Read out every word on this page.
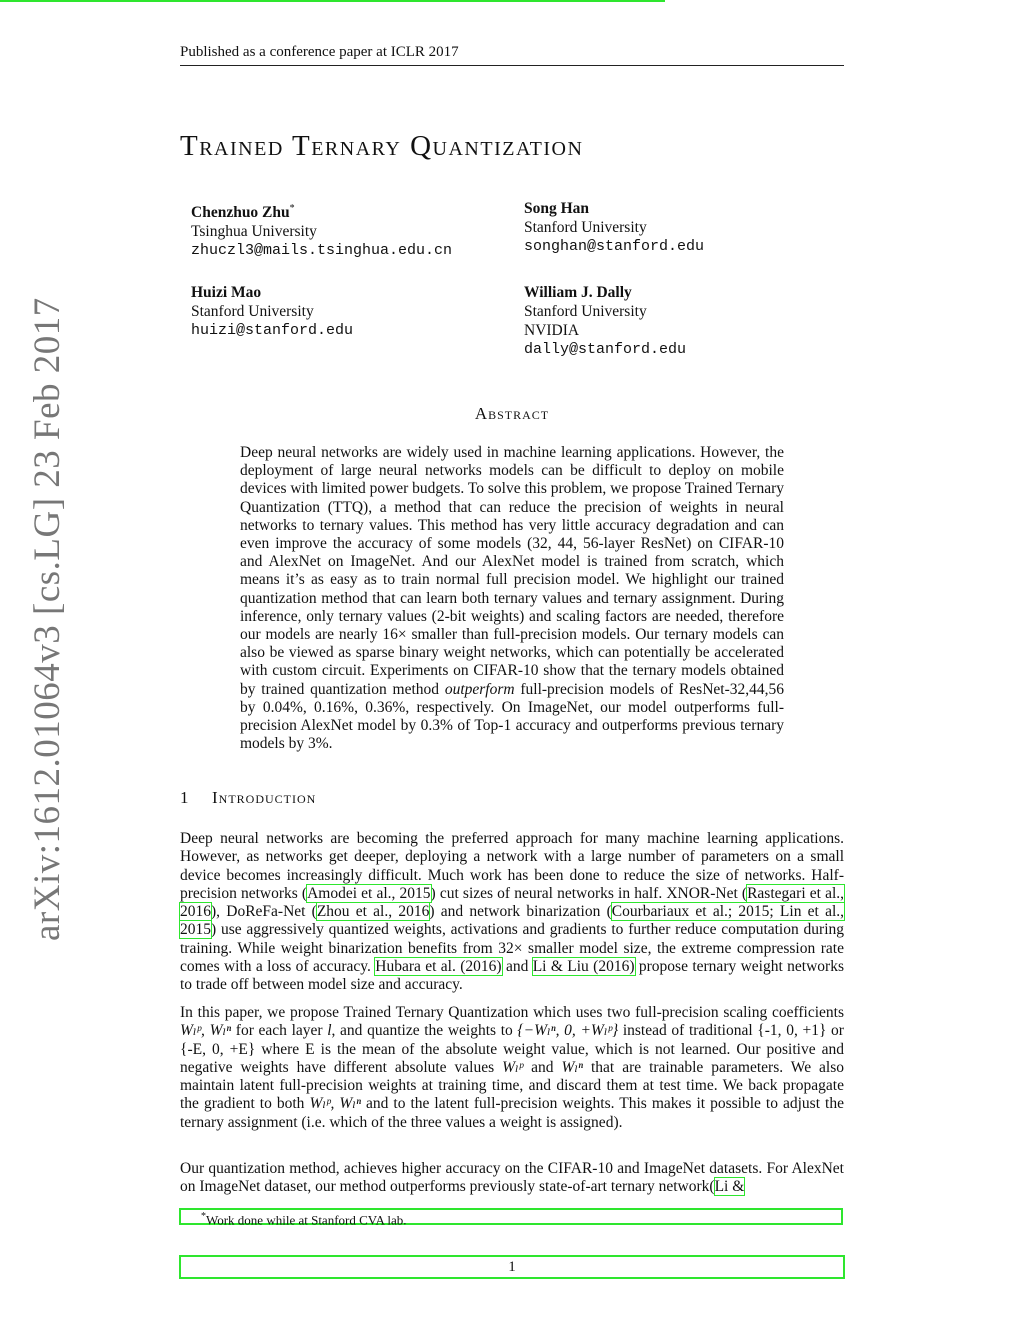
Published as a conference paper at ICLR 2017
arXiv:1612.01064v3 [cs.LG] 23 Feb 2017
Trained Ternary Quantization
Chenzhuo Zhu*
Tsinghua University
zhuczl3@mails.tsinghua.edu.cn
Song Han
Stanford University
songhan@stanford.edu
Huizi Mao
Stanford University
huizi@stanford.edu
William J. Dally
Stanford University
NVIDIA
dally@stanford.edu
Abstract

Deep neural networks are widely used in machine learning applications. However, the deployment of large neural networks models can be difficult to deploy on mobile devices with limited power budgets. To solve this problem, we propose Trained Ternary Quantization (TTQ), a method that can reduce the precision of weights in neural networks to ternary values. This method has very little accuracy degradation and can even improve the accuracy of some models (32, 44, 56-layer ResNet) on CIFAR-10 and AlexNet on ImageNet. And our AlexNet model is trained from scratch, which means it’s as easy as to train normal full precision model. We highlight our trained quantization method that can learn both ternary values and ternary assignment. During inference, only ternary values (2-bit weights) and scaling factors are needed, therefore our models are nearly 16× smaller than full-precision models. Our ternary models can also be viewed as sparse binary weight networks, which can potentially be accelerated with custom circuit. Experiments on CIFAR-10 show that the ternary models obtained by trained quantization method outperform full-precision models of ResNet-32,44,56 by 0.04%, 0.16%, 0.36%, respectively. On ImageNet, our model outperforms full-precision AlexNet model by 0.3% of Top-1 accuracy and outperforms previous ternary models by 3%.

1 Introduction

Deep neural networks are becoming the preferred approach for many machine learning applications. However, as networks get deeper, deploying a network with a large number of parameters on a small device becomes increasingly difficult. Much work has been done to reduce the size of networks. Half-precision networks (Amodei et al., 2015) cut sizes of neural networks in half. XNOR-Net (Rastegari et al., 2016), DoReFa-Net (Zhou et al., 2016) and network binarization (Courbariaux et al.; 2015; Lin et al., 2015) use aggressively quantized weights, activations and gradients to further reduce computation during training. While weight binarization benefits from 32× smaller model size, the extreme compression rate comes with a loss of accuracy. Hubara et al. (2016) and Li & Liu (2016) propose ternary weight networks to trade off between model size and accuracy.

In this paper, we propose Trained Ternary Quantization which uses two full-precision scaling coefficients Wₗᵖ, Wₗⁿ for each layer l, and quantize the weights to {−Wₗⁿ, 0, +Wₗᵖ} instead of traditional {-1, 0, +1} or {-E, 0, +E} where E is the mean of the absolute weight value, which is not learned. Our positive and negative weights have different absolute values Wₗᵖ and Wₗⁿ that are trainable parameters. We also maintain latent full-precision weights at training time, and discard them at test time. We back propagate the gradient to both Wₗᵖ, Wₗⁿ and to the latent full-precision weights. This makes it possible to adjust the ternary assignment (i.e. which of the three values a weight is assigned).

Our quantization method, achieves higher accuracy on the CIFAR-10 and ImageNet datasets. For AlexNet on ImageNet dataset, our method outperforms previously state-of-art ternary network(Li &

*Work done while at Stanford CVA lab.
1
